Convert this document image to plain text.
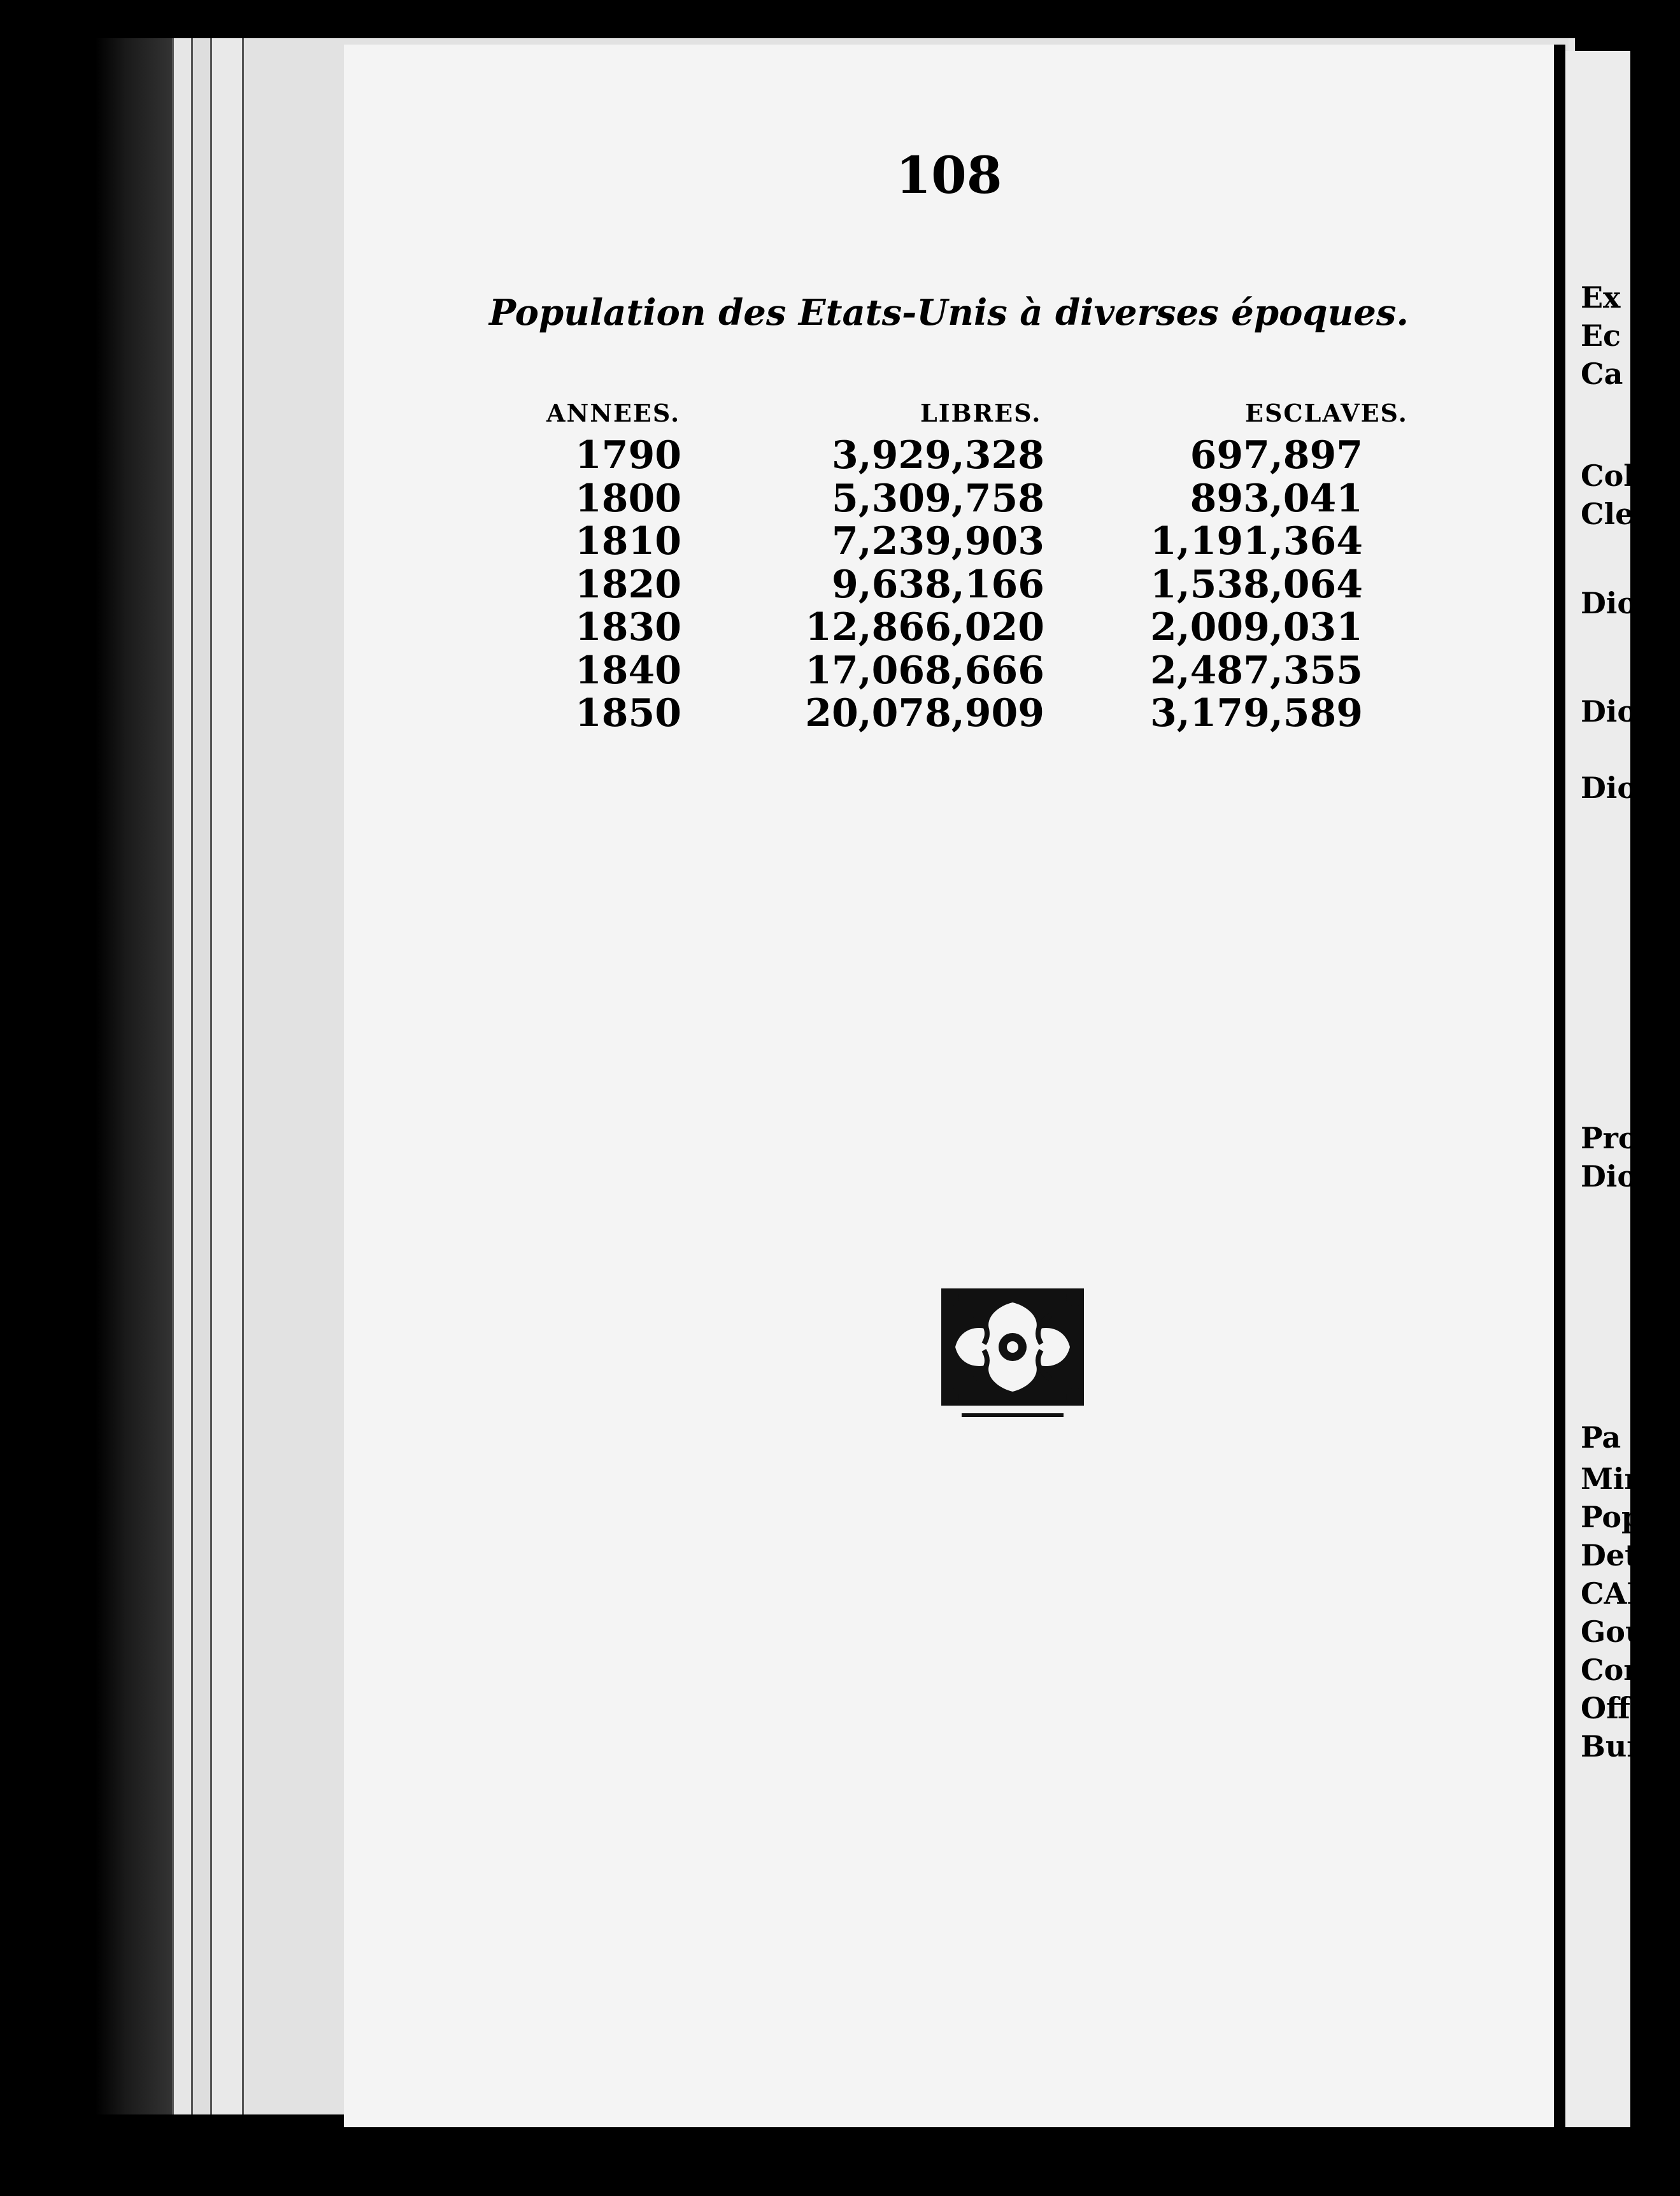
108
Population des Etats-Unis à diverses époques.
ANNEES.	LIBRES.	ESCLAVES.
1790	3,929,328	697,897
1800	5,309,758	893,041
1810	7,239,903	1,191,364
1820	9,638,166	1,538,064
1830	12,866,020	2,009,031
1840	17,068,666	2,487,355
1850	20,078,909	3,179,589
Ex
Ec
Ca
Col
Cle
Dio
Dio
Dio
Prov
Dioc
Pa
Minis
Popu
Dette
CANA
Gouv
Conse
Offici
Burea
